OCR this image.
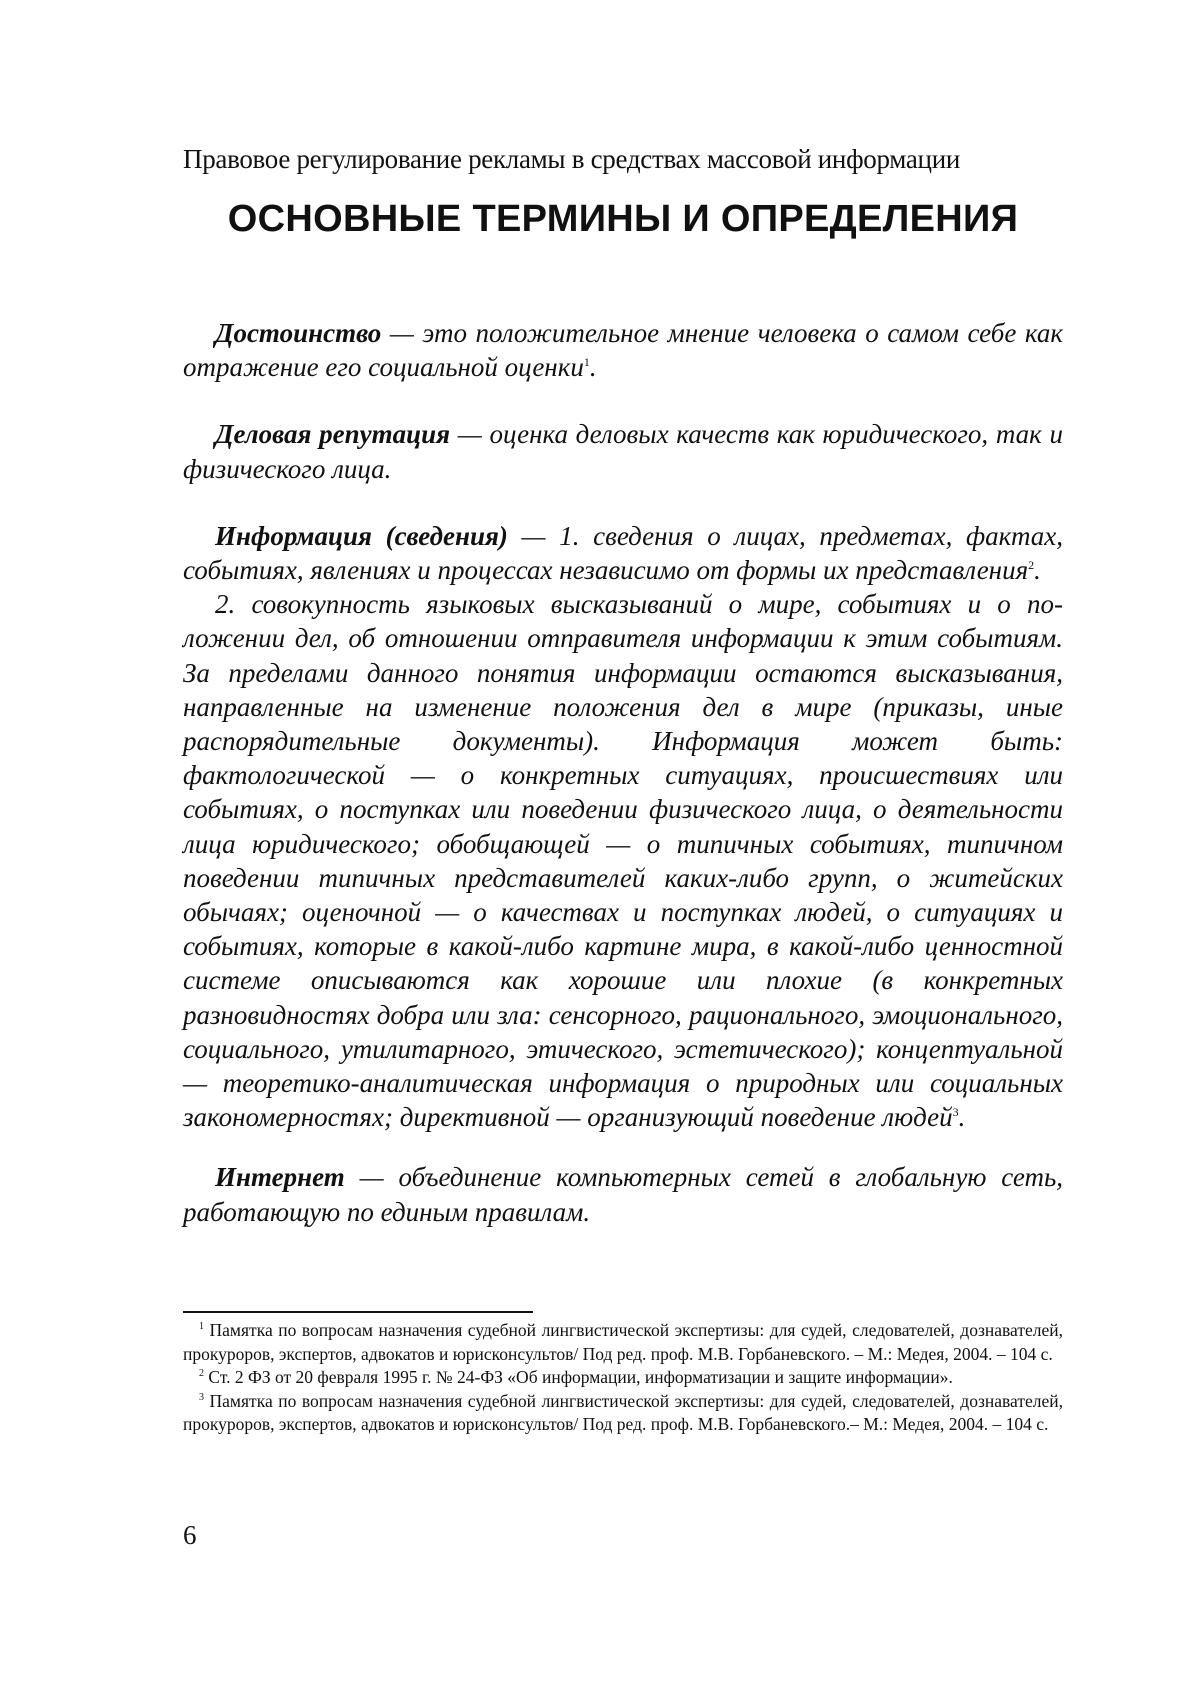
Правовое регулирование рекламы в средствах массовой информации
ОСНОВНЫЕ ТЕРМИНЫ И ОПРЕДЕЛЕНИЯ

Достоинство — это положительное мнение человека о самом себе как отражение его социальной оценки$^1$.

Деловая репутация — оценка деловых качеств как юридического, так и физического лица.

Информация (сведения) — 1. сведения о лицах, предметах, фактах, событиях, явлениях и процессах независимо от формы их представления$^2$.

2. совокупность языковых высказываний о мире, событиях и о положении дел, об отношении отправителя информации к этим событиям. За пределами данного понятия информации остаются высказывания, направленные на изменение положения дел в мире (приказы, иные распорядительные документы). Информация может быть: фактологической — о конкретных ситуациях, происшествиях или событиях, о поступках или поведении физического лица, о деятельности лица юридического; обобщающей — о типичных событиях, типичном поведении типичных представителей каких-либо групп, о житейских обычаях; оценочной — о качествах и поступках людей, о ситуациях и событиях, которые в какой-либо картине мира, в какой-либо ценностной системе описываются как хорошие или плохие (в конкретных разновидностях добра или зла: сенсорного, рационального, эмоционального, социального, утилитарного, этического, эстетического); концептуальной — теоретико-аналитическая информация о природных или социальных закономерностях; директивной — организующий поведение людей$^3$.

Интернет — объединение компьютерных сетей в глобальную сеть, работающую по единым правилам.

$^1$ Памятка по вопросам назначения судебной лингвистической экспертизы: для судей, следователей, дознавателей, прокуроров, экспертов, адвокатов и юрисконсультов/ Под ред. проф. М.В. Горбаневского. – М.: Медея, 2004. – 104 с.

$^2$ Ст. 2 ФЗ от 20 февраля 1995 г. № 24-ФЗ «Об информации, информатизации и защите информации».

$^3$ Памятка по вопросам назначения судебной лингвистической экспертизы: для судей, следователей, дознавателей, прокуроров, экспертов, адвокатов и юрисконсультов/ Под ред. проф. М.В. Горбаневского.– М.: Медея, 2004. – 104 с.

6
